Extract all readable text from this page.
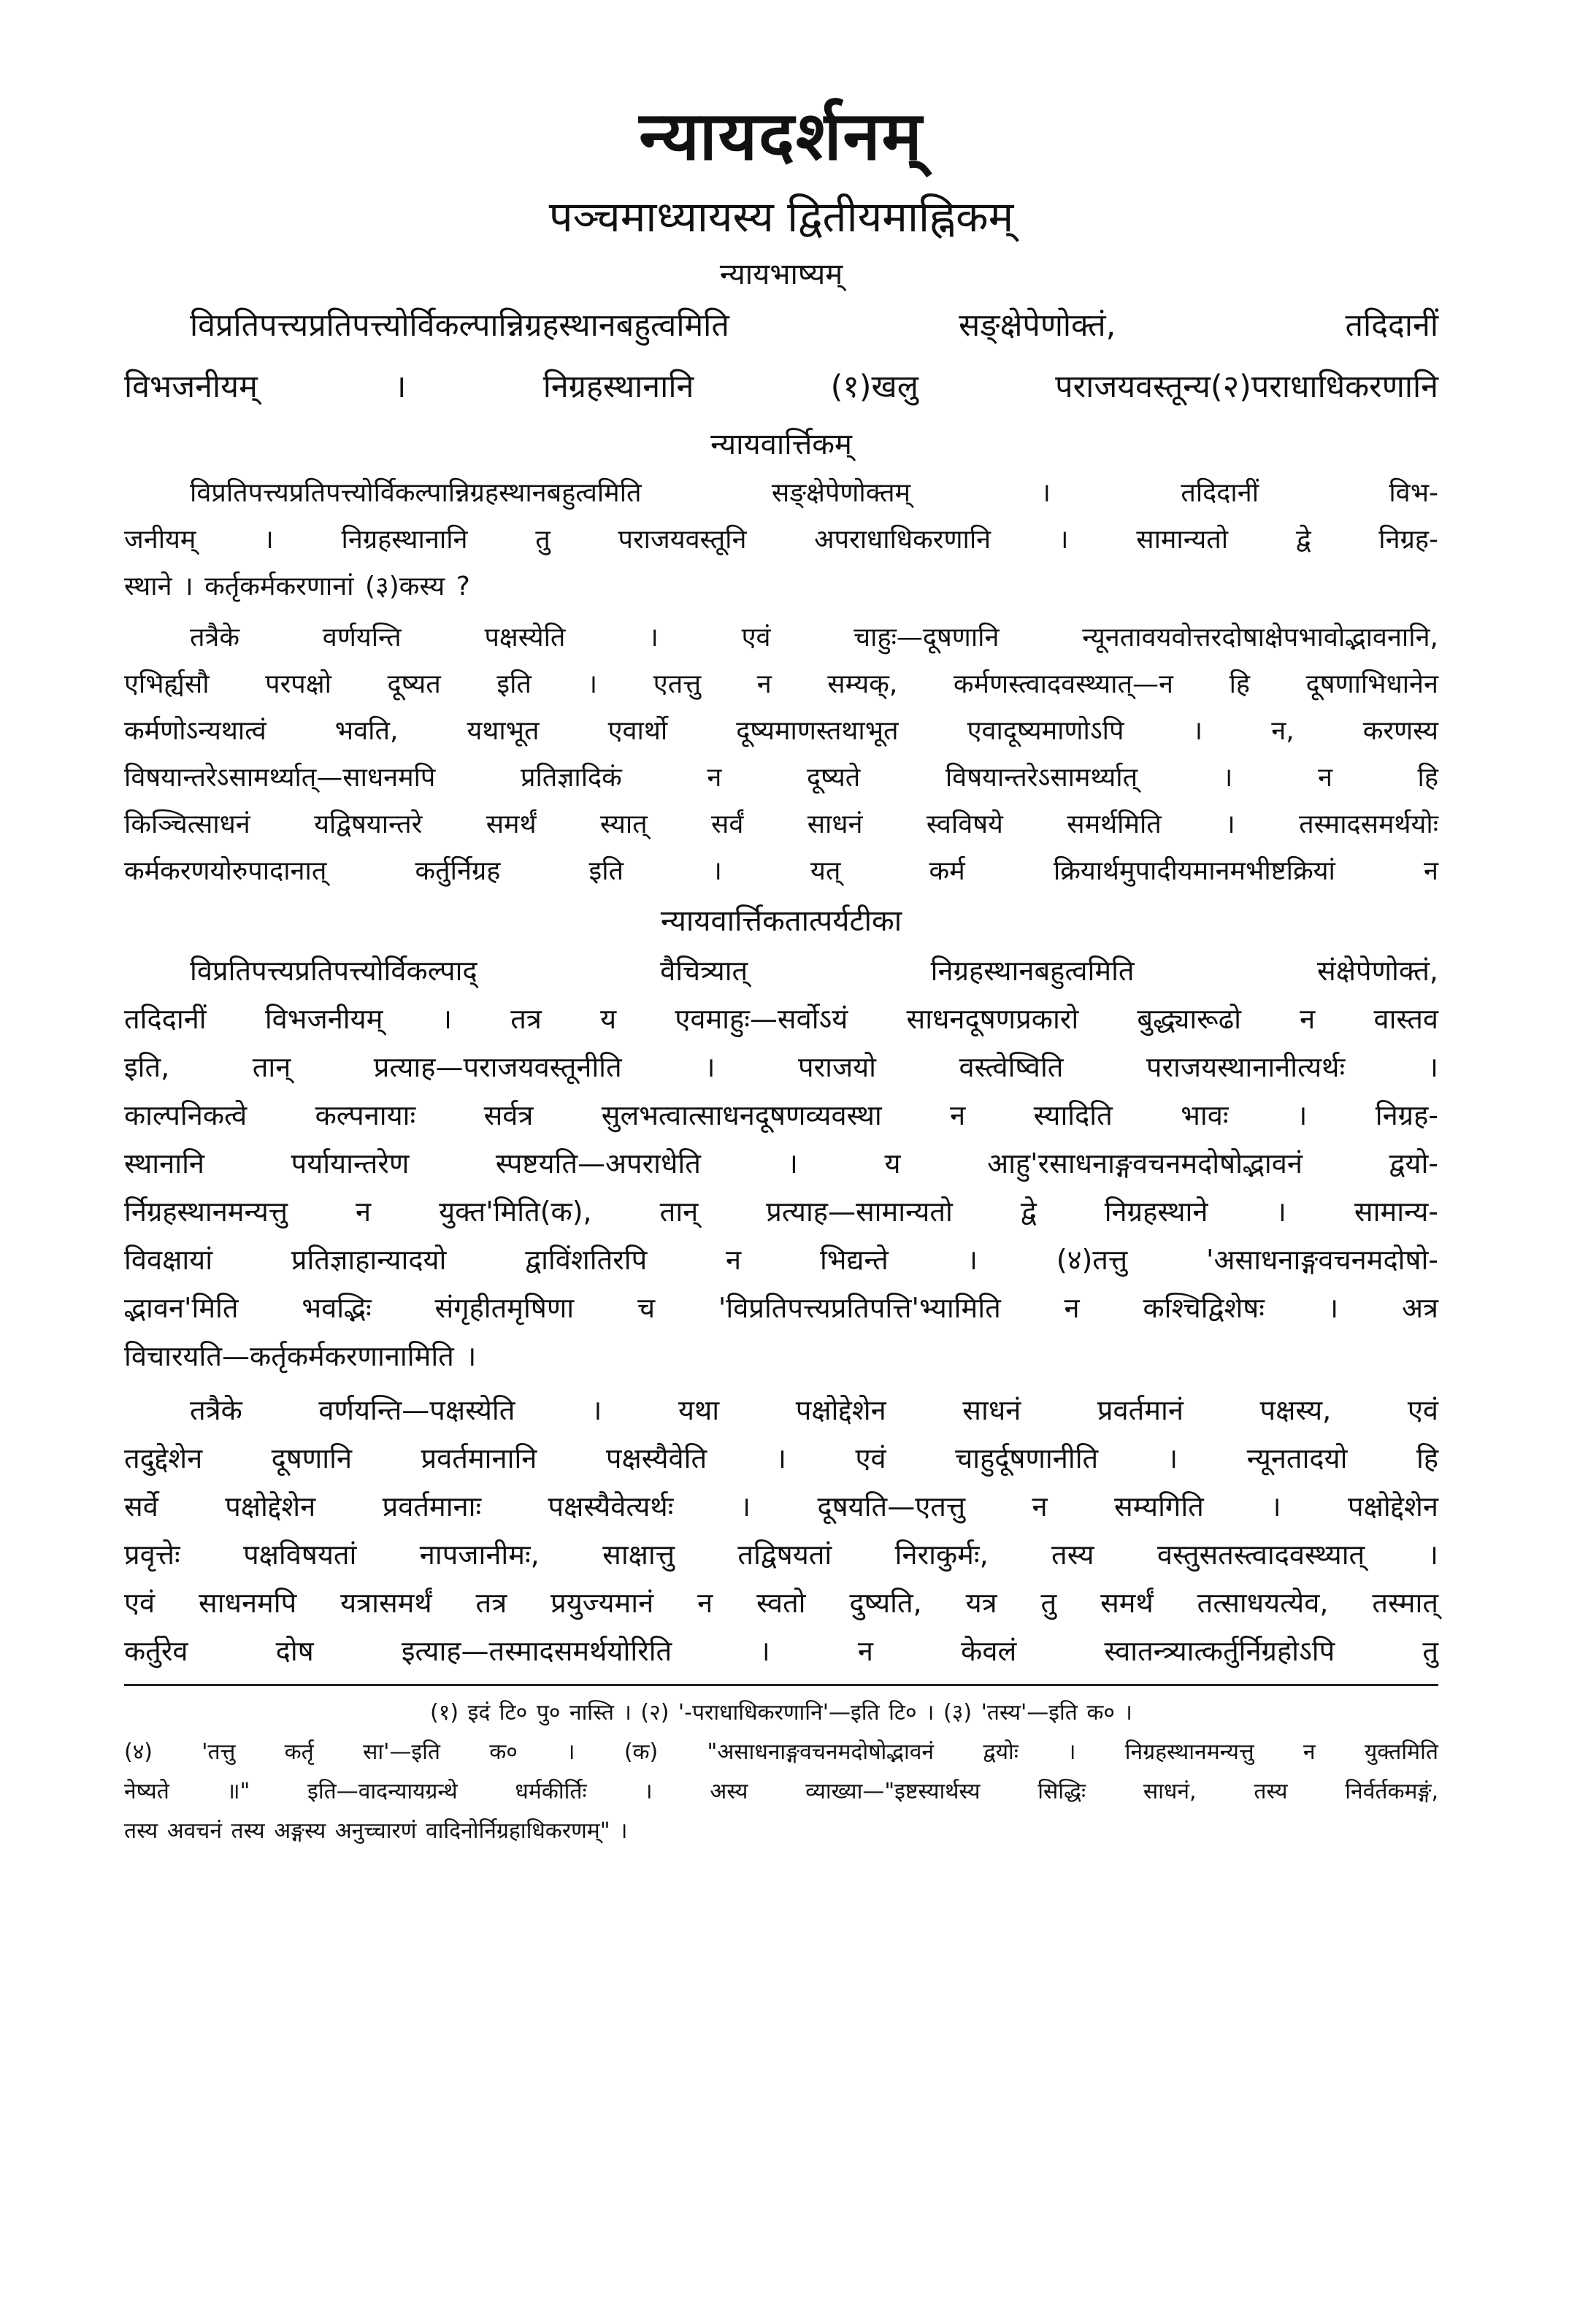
न्यायदर्शनम्
पञ्चमाध्यायस्य द्वितीयमाह्निकम्
न्यायभाष्यम्
विप्रतिपत्त्यप्रतिपत्त्योर्विकल्पान्निग्रहस्थानबहुत्वमिति सङ्क्षेपेणोक्तं, तदिदानीं
विभजनीयम् । निग्रहस्थानानि (१)खलु पराजयवस्तून्य(२)पराधाधिकरणानि
न्यायवार्त्तिकम्
विप्रतिपत्त्यप्रतिपत्त्योर्विकल्पान्निग्रहस्थानबहुत्वमिति सङ्क्षेपेणोक्तम् । तदिदानीं विभ-
जनीयम् । निग्रहस्थानानि तु पराजयवस्तूनि अपराधाधिकरणानि । सामान्यतो द्वे निग्रह-
स्थाने । कर्तृकर्मकरणानां (३)कस्य ?
तत्रैके वर्णयन्ति पक्षस्येति । एवं चाहुः—दूषणानि न्यूनतावयवोत्तरदोषाक्षेपभावोद्भावनानि,
एभिर्ह्यसौ परपक्षो दूष्यत इति । एतत्तु न सम्यक्, कर्मणस्त्वादवस्थ्यात्—न हि दूषणाभिधानेन
कर्मणोऽन्यथात्वं भवति, यथाभूत एवार्थो दूष्यमाणस्तथाभूत एवादूष्यमाणोऽपि । न, करणस्य
विषयान्तरेऽसामर्थ्यात्—साधनमपि प्रतिज्ञादिकं न दूष्यते विषयान्तरेऽसामर्थ्यात् । न हि
किञ्चित्साधनं यद्विषयान्तरे समर्थं स्यात् सर्वं साधनं स्वविषये समर्थमिति । तस्मादसमर्थयोः
कर्मकरणयोरुपादानात् कर्तुर्निग्रह इति । यत् कर्म क्रियार्थमुपादीयमानमभीष्टक्रियां न
न्यायवार्त्तिकतात्पर्यटीका
विप्रतिपत्त्यप्रतिपत्त्योर्विकल्पाद् वैचित्र्यात् निग्रहस्थानबहुत्वमिति संक्षेपेणोक्तं,
तदिदानीं विभजनीयम् । तत्र य एवमाहुः—सर्वोऽयं साधनदूषणप्रकारो बुद्ध्यारूढो न वास्तव
इति, तान् प्रत्याह—पराजयवस्तूनीति । पराजयो वस्त्वेष्विति पराजयस्थानानीत्यर्थः ।
काल्पनिकत्वे कल्पनायाः सर्वत्र सुलभत्वात्साधनदूषणव्यवस्था न स्यादिति भावः । निग्रह-
स्थानानि पर्यायान्तरेण स्पष्टयति—अपराधेति । य आहु'रसाधनाङ्गवचनमदोषोद्भावनं द्वयो-
र्निग्रहस्थानमन्यत्तु न युक्त'मिति(क), तान् प्रत्याह—सामान्यतो द्वे निग्रहस्थाने । सामान्य-
विवक्षायां प्रतिज्ञाहान्यादयो द्वाविंशतिरपि न भिद्यन्ते । (४)तत्तु 'असाधनाङ्गवचनमदोषो-
द्भावन'मिति भवद्भिः संगृहीतमृषिणा च 'विप्रतिपत्त्यप्रतिपत्ति'भ्यामिति न कश्चिद्विशेषः । अत्र
विचारयति—कर्तृकर्मकरणानामिति ।
तत्रैके वर्णयन्ति—पक्षस्येति । यथा पक्षोद्देशेन साधनं प्रवर्तमानं पक्षस्य, एवं
तदुद्देशेन दूषणानि प्रवर्तमानानि पक्षस्यैवेति । एवं चाहुर्दूषणानीति । न्यूनतादयो हि
सर्वे पक्षोद्देशेन प्रवर्तमानाः पक्षस्यैवेत्यर्थः । दूषयति—एतत्तु न सम्यगिति । पक्षोद्देशेन
प्रवृत्तेः पक्षविषयतां नापजानीमः, साक्षात्तु तद्विषयतां निराकुर्मः, तस्य वस्तुसतस्त्वादवस्थ्यात् ।
एवं साधनमपि यत्रासमर्थं तत्र प्रयुज्यमानं न स्वतो दुष्यति, यत्र तु समर्थं तत्साधयत्येव, तस्मात्
कर्तुरेव दोष इत्याह—तस्मादसमर्थयोरिति । न केवलं स्वातन्त्र्यात्कर्तुर्निग्रहोऽपि तु
(१) इदं टि० पु० नास्ति । (२) '-पराधाधिकरणानि'—इति टि० । (३) 'तस्य'—इति क० ।
(४) 'तत्तु कर्तृ सा'—इति क० । (क) "असाधनाङ्गवचनमदोषोद्भावनं द्वयोः । निग्रहस्थानमन्यत्तु न युक्तमिति
नेष्यते ॥" इति—वादन्यायग्रन्थे धर्मकीर्तिः । अस्य व्याख्या—"इष्टस्यार्थस्य सिद्धिः साधनं, तस्य निर्वर्तकमङ्गं,
तस्य अवचनं तस्य अङ्गस्य अनुच्चारणं वादिनोर्निग्रहाधिकरणम्" ।
